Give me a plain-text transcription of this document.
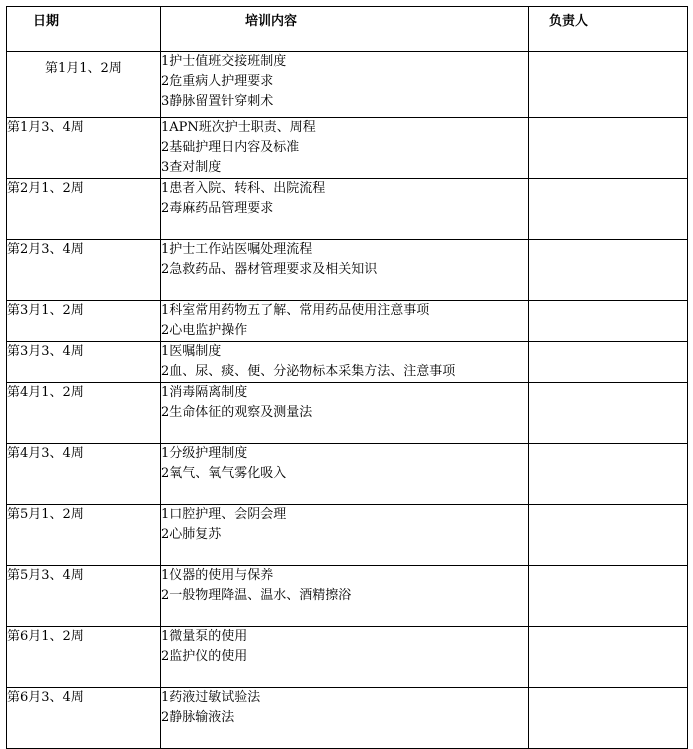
日期	培训内容	负责人
第1月1、2周	1护士值班交接班制度
2危重病人护理要求
3静脉留置针穿刺术	

第1月3、4周	1APN班次护士职责、周程
2基础护理日内容及标准
3查对制度	

第2月1、2周	1患者入院、转科、出院流程
2毒麻药品管理要求	

第2月3、4周	1护士工作站医嘱处理流程
2急救药品、器材管理要求及相关知识	

第3月1、2周	1科室常用药物五了解、常用药品使用注意事项
2心电监护操作	

第3月3、4周	1医嘱制度
2血、尿、痰、便、分泌物标本采集方法、注意事项	

第4月1、2周	1消毒隔离制度
2生命体征的观察及测量法	

第4月3、4周	1分级护理制度
2氧气、氧气雾化吸入	

第5月1、2周	1口腔护理、会阴会理
2心肺复苏	

第5月3、4周	1仪器的使用与保养
2一般物理降温、温水、酒精擦浴	

第6月1、2周	1微量泵的使用
2监护仪的使用	

第6月3、4周	1药液过敏试验法
2静脉输液法	
